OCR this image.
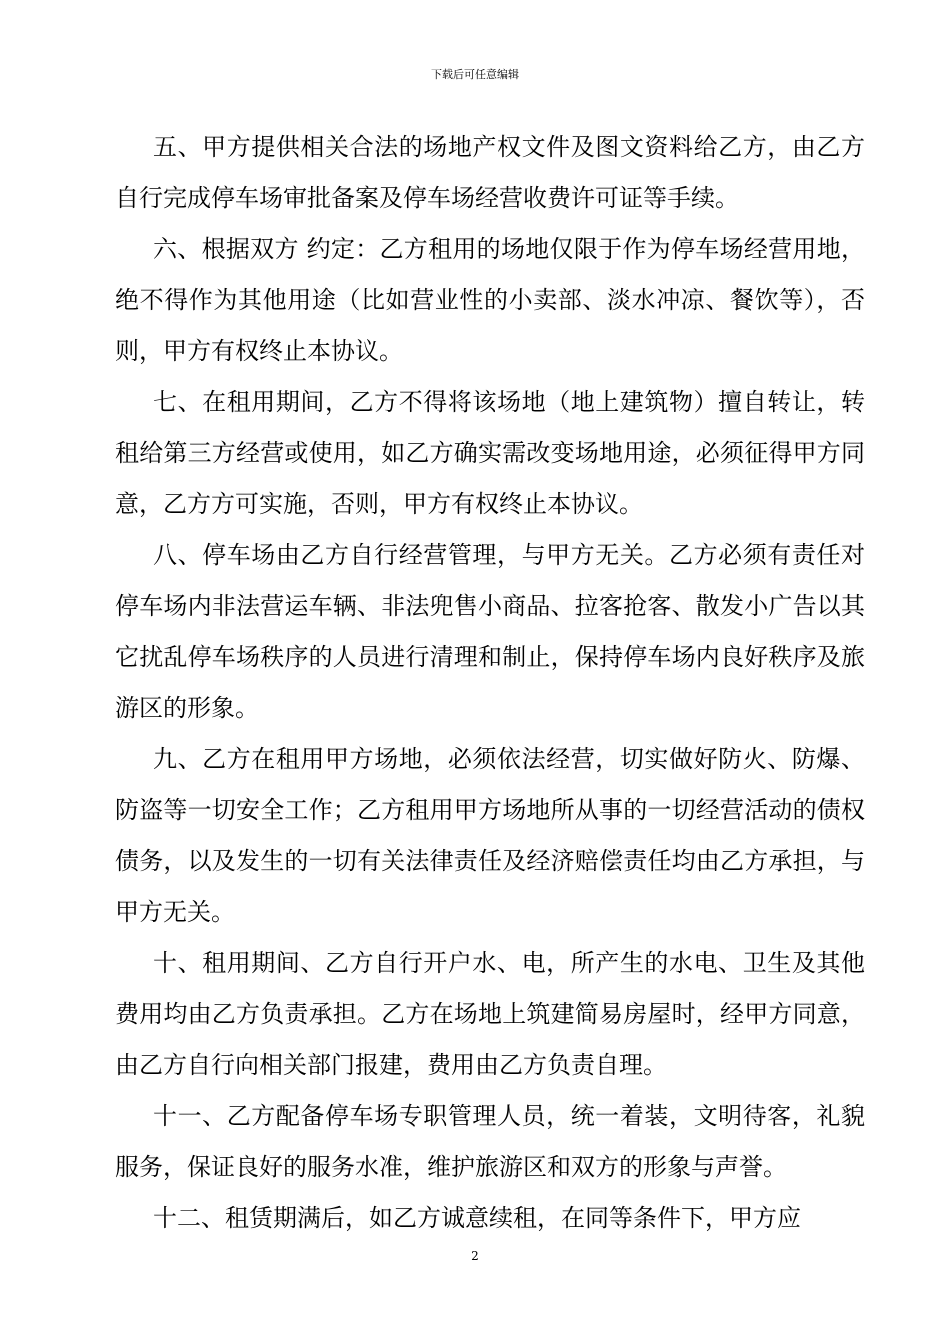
下载后可任意编辑

五、甲方提供相关合法的场地产权文件及图文资料给乙方，由乙方自行完成停车场审批备案及停车场经营收费许可证等手续。

六、根据双方 约定：乙方租用的场地仅限于作为停车场经营用地，绝不得作为其他用途（比如营业性的小卖部、淡水冲凉、餐饮等），否则，甲方有权终止本协议。

七、在租用期间，乙方不得将该场地（地上建筑物）擅自转让，转租给第三方经营或使用，如乙方确实需改变场地用途，必须征得甲方同意，乙方方可实施，否则，甲方有权终止本协议。

八、停车场由乙方自行经营管理，与甲方无关。乙方必须有责任对停车场内非法营运车辆、非法兜售小商品、拉客抢客、散发小广告以其它扰乱停车场秩序的人员进行清理和制止，保持停车场内良好秩序及旅游区的形象。

九、乙方在租用甲方场地，必须依法经营，切实做好防火、防爆、防盗等一切安全工作；乙方租用甲方场地所从事的一切经营活动的债权债务，以及发生的一切有关法律责任及经济赔偿责任均由乙方承担，与甲方无关。

十、租用期间、乙方自行开户水、电，所产生的水电、卫生及其他费用均由乙方负责承担。乙方在场地上筑建简易房屋时，经甲方同意，由乙方自行向相关部门报建，费用由乙方负责自理。

十一、乙方配备停车场专职管理人员，统一着装，文明待客，礼貌服务，保证良好的服务水准，维护旅游区和双方的形象与声誉。

十二、租赁期满后，如乙方诚意续租，在同等条件下，甲方应

2
